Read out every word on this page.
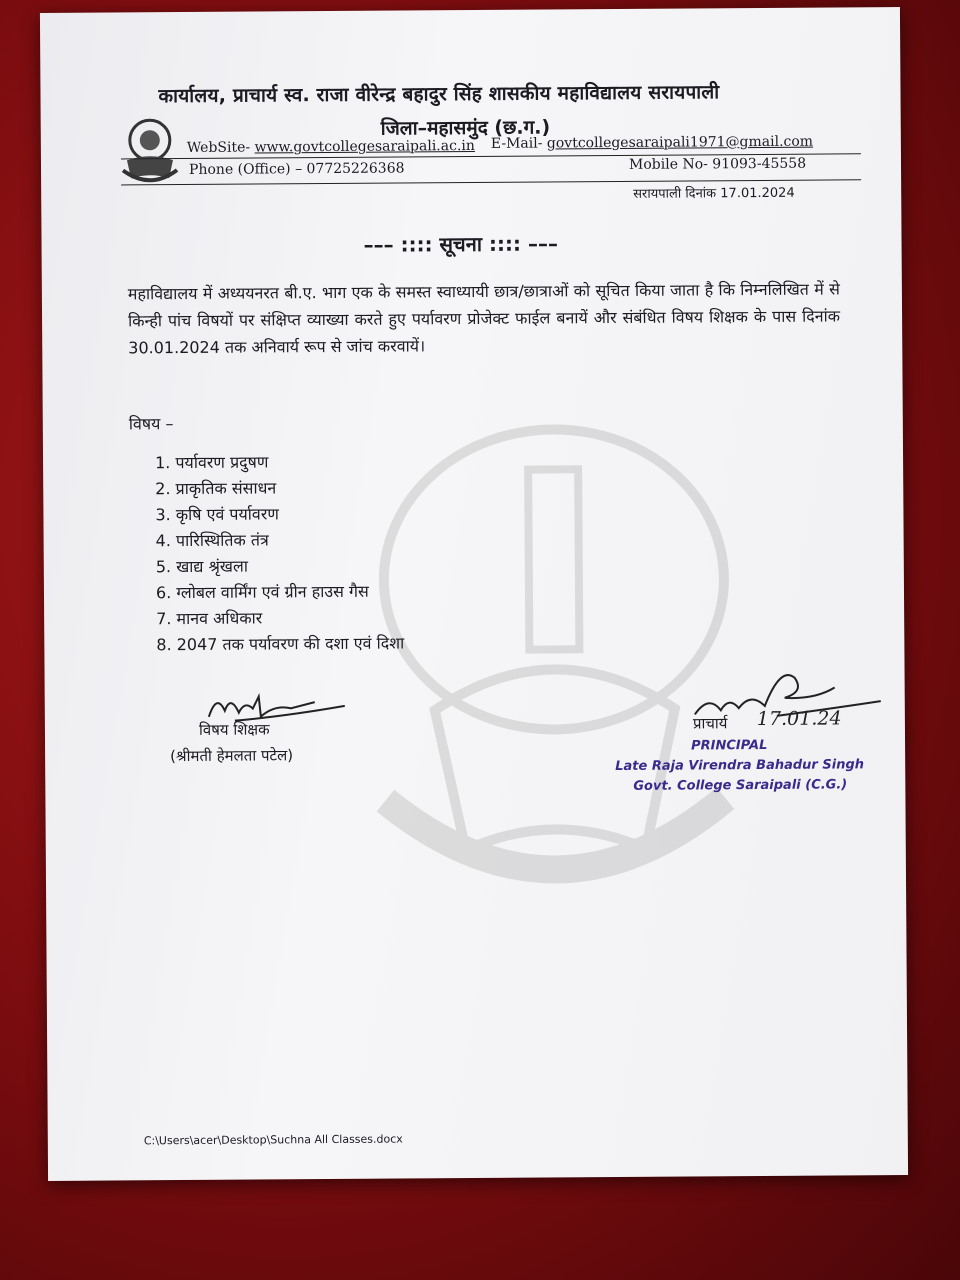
कार्यालय, प्राचार्य स्व. राजा वीरेन्द्र बहादुर सिंह शासकीय महाविद्यालय सरायपाली
जिला–महासमुंद (छ.ग.)
WebSite- www.govtcollegesaraipali.ac.in E-Mail- govtcollegesaraipali1971@gmail.com
Phone (Office) – 07725226368	Mobile No- 91093-45558
सरायपाली दिनांक 17.01.2024
––– :::: सूचना :::: –––
महाविद्यालय में अध्ययनरत बी.ए. भाग एक के समस्त स्वाध्यायी छात्र/छात्राओं को सूचित किया जाता है कि निम्नलिखित में से किन्ही पांच विषयों पर संक्षिप्त व्याख्या करते हुए पर्यावरण प्रोजेक्ट फाईल बनायें और संबंधित विषय शिक्षक के पास दिनांक 30.01.2024 तक अनिवार्य रूप से जांच करवायें।
विषय –
1. पर्यावरण प्रदुषण
2. प्राकृतिक संसाधन
3. कृषि एवं पर्यावरण
4. पारिस्थितिक तंत्र
5. खाद्य श्रृंखला
6. ग्लोबल वार्मिंग एवं ग्रीन हाउस गैस
7. मानव अधिकार
8. 2047 तक पर्यावरण की दशा एवं दिशा
विषय शिक्षक
(श्रीमती हेमलता पटेल)
प्राचार्य 17.01.24
PRINCIPAL
Late Raja Virendra Bahadur Singh
Govt. College Saraipali (C.G.)
C:\Users\acer\Desktop\Suchna All Classes.docx
